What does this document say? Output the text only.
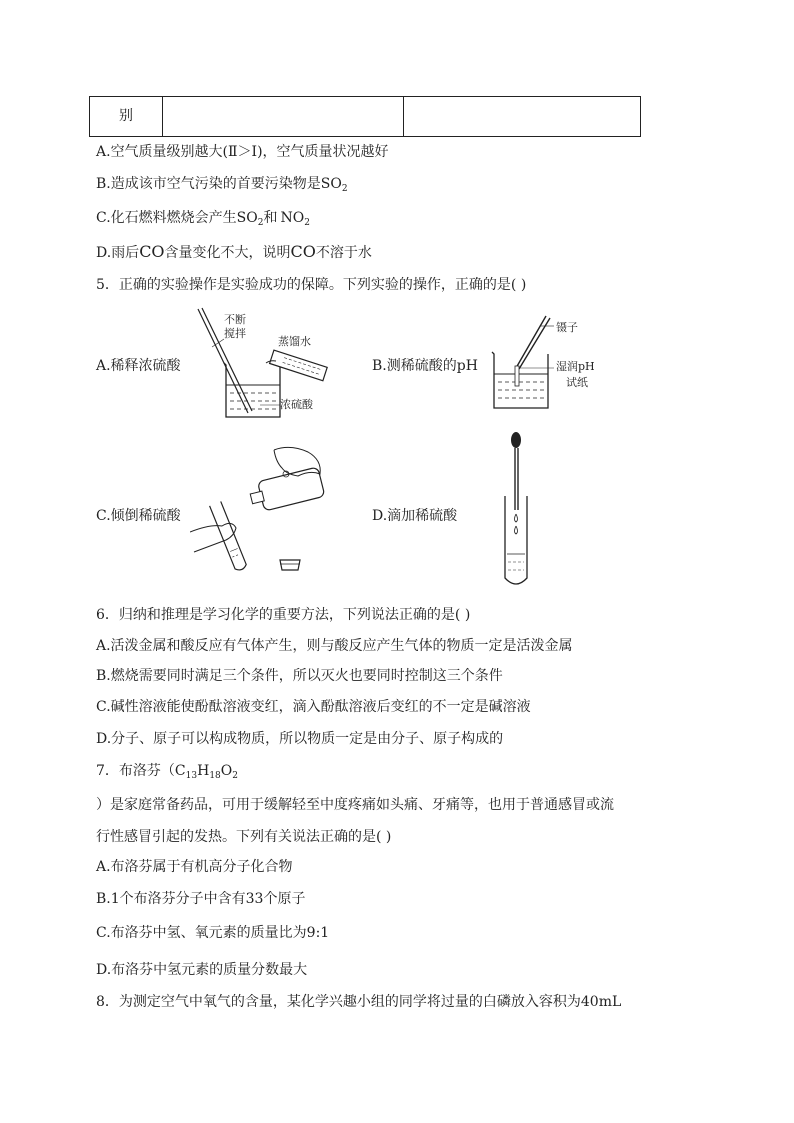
别		
A.空气质量级别越大(Ⅱ＞Ⅰ)，空气质量状况越好
B.造成该市空气污染的首要污染物是$SO_2$
C.化石燃料燃烧会产生$SO_2$和 $NO_2$
D.雨后CO含量变化不大，说明CO不溶于水
5．正确的实验操作是实验成功的保障。下列实验的操作，正确的是( )
A.稀释浓硫酸	B.测稀硫酸的pH
C.倾倒稀硫酸	D.滴加稀硫酸
不断
搅拌
蒸馏水
浓硫酸
镊子
湿润pH
试纸
6．归纳和推理是学习化学的重要方法，下列说法正确的是( )
A.活泼金属和酸反应有气体产生，则与酸反应产生气体的物质一定是活泼金属
B.燃烧需要同时满足三个条件，所以灭火也要同时控制这三个条件
C.碱性溶液能使酚酞溶液变红，滴入酚酞溶液后变红的不一定是碱溶液
D.分子、原子可以构成物质，所以物质一定是由分子、原子构成的
7．布洛芬（$C_{13}H_{18}O_2$
）是家庭常备药品，可用于缓解轻至中度疼痛如头痛、牙痛等，也用于普通感冒或流
行性感冒引起的发热。下列有关说法正确的是( )
A.布洛芬属于有机高分子化合物
B.1个布洛芬分子中含有33个原子
C.布洛芬中氢、氧元素的质量比为9:1
D.布洛芬中氢元素的质量分数最大
8．为测定空气中氧气的含量，某化学兴趣小组的同学将过量的白磷放入容积为40mL
